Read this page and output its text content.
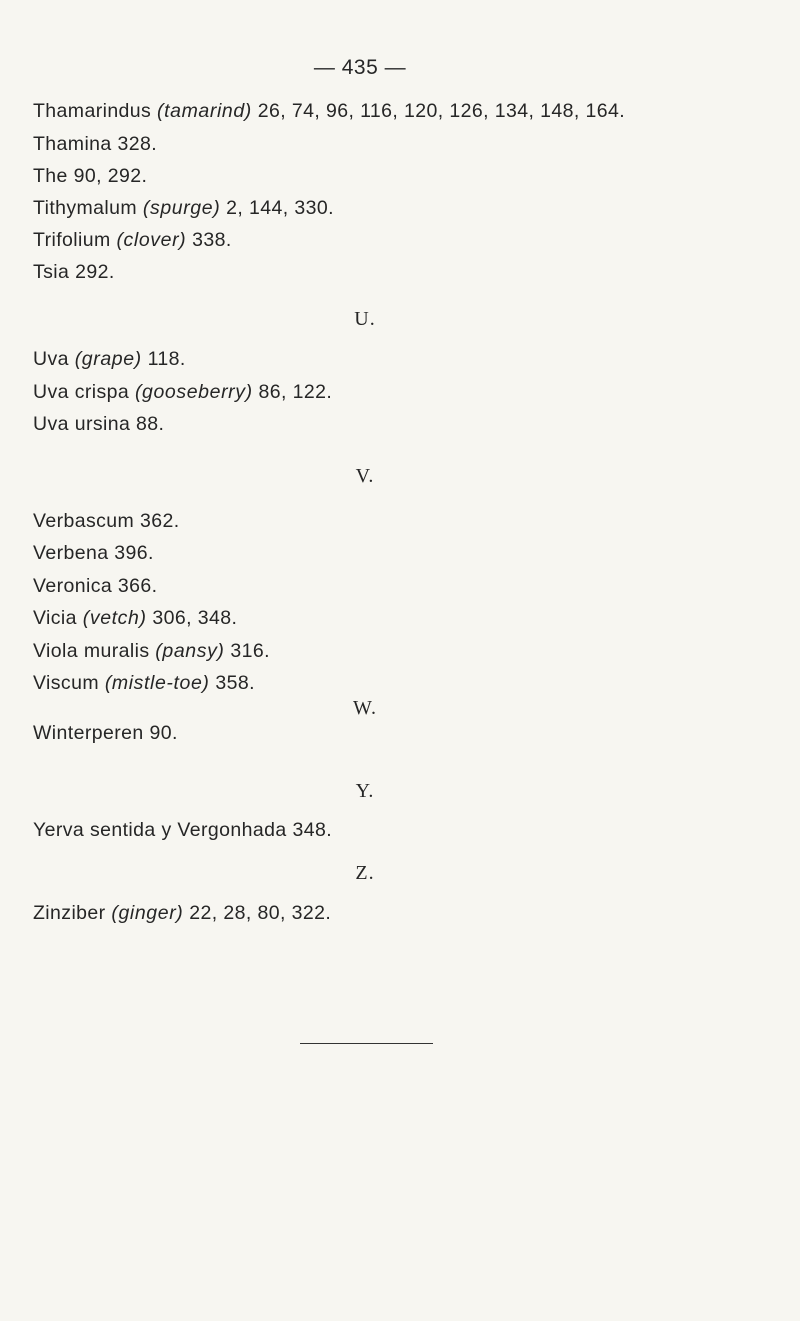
— 435 —
Thamarindus (tamarind) 26, 74, 96, 116, 120, 126, 134, 148, 164.
Thamina 328.
The 90, 292.
Tithymalum (spurge) 2, 144, 330.
Trifolium (clover) 338.
Tsia 292.
U.
Uva (grape) 118.
Uva crispa (gooseberry) 86, 122.
Uva ursina 88.
V.
Verbascum 362.
Verbena 396.
Veronica 366.
Vicia (vetch) 306, 348.
Viola muralis (pansy) 316.
Viscum (mistle-toe) 358.
W.
Winterperen 90.
Y.
Yerva sentida y Vergonhada 348.
Z.
Zinziber (ginger) 22, 28, 80, 322.
